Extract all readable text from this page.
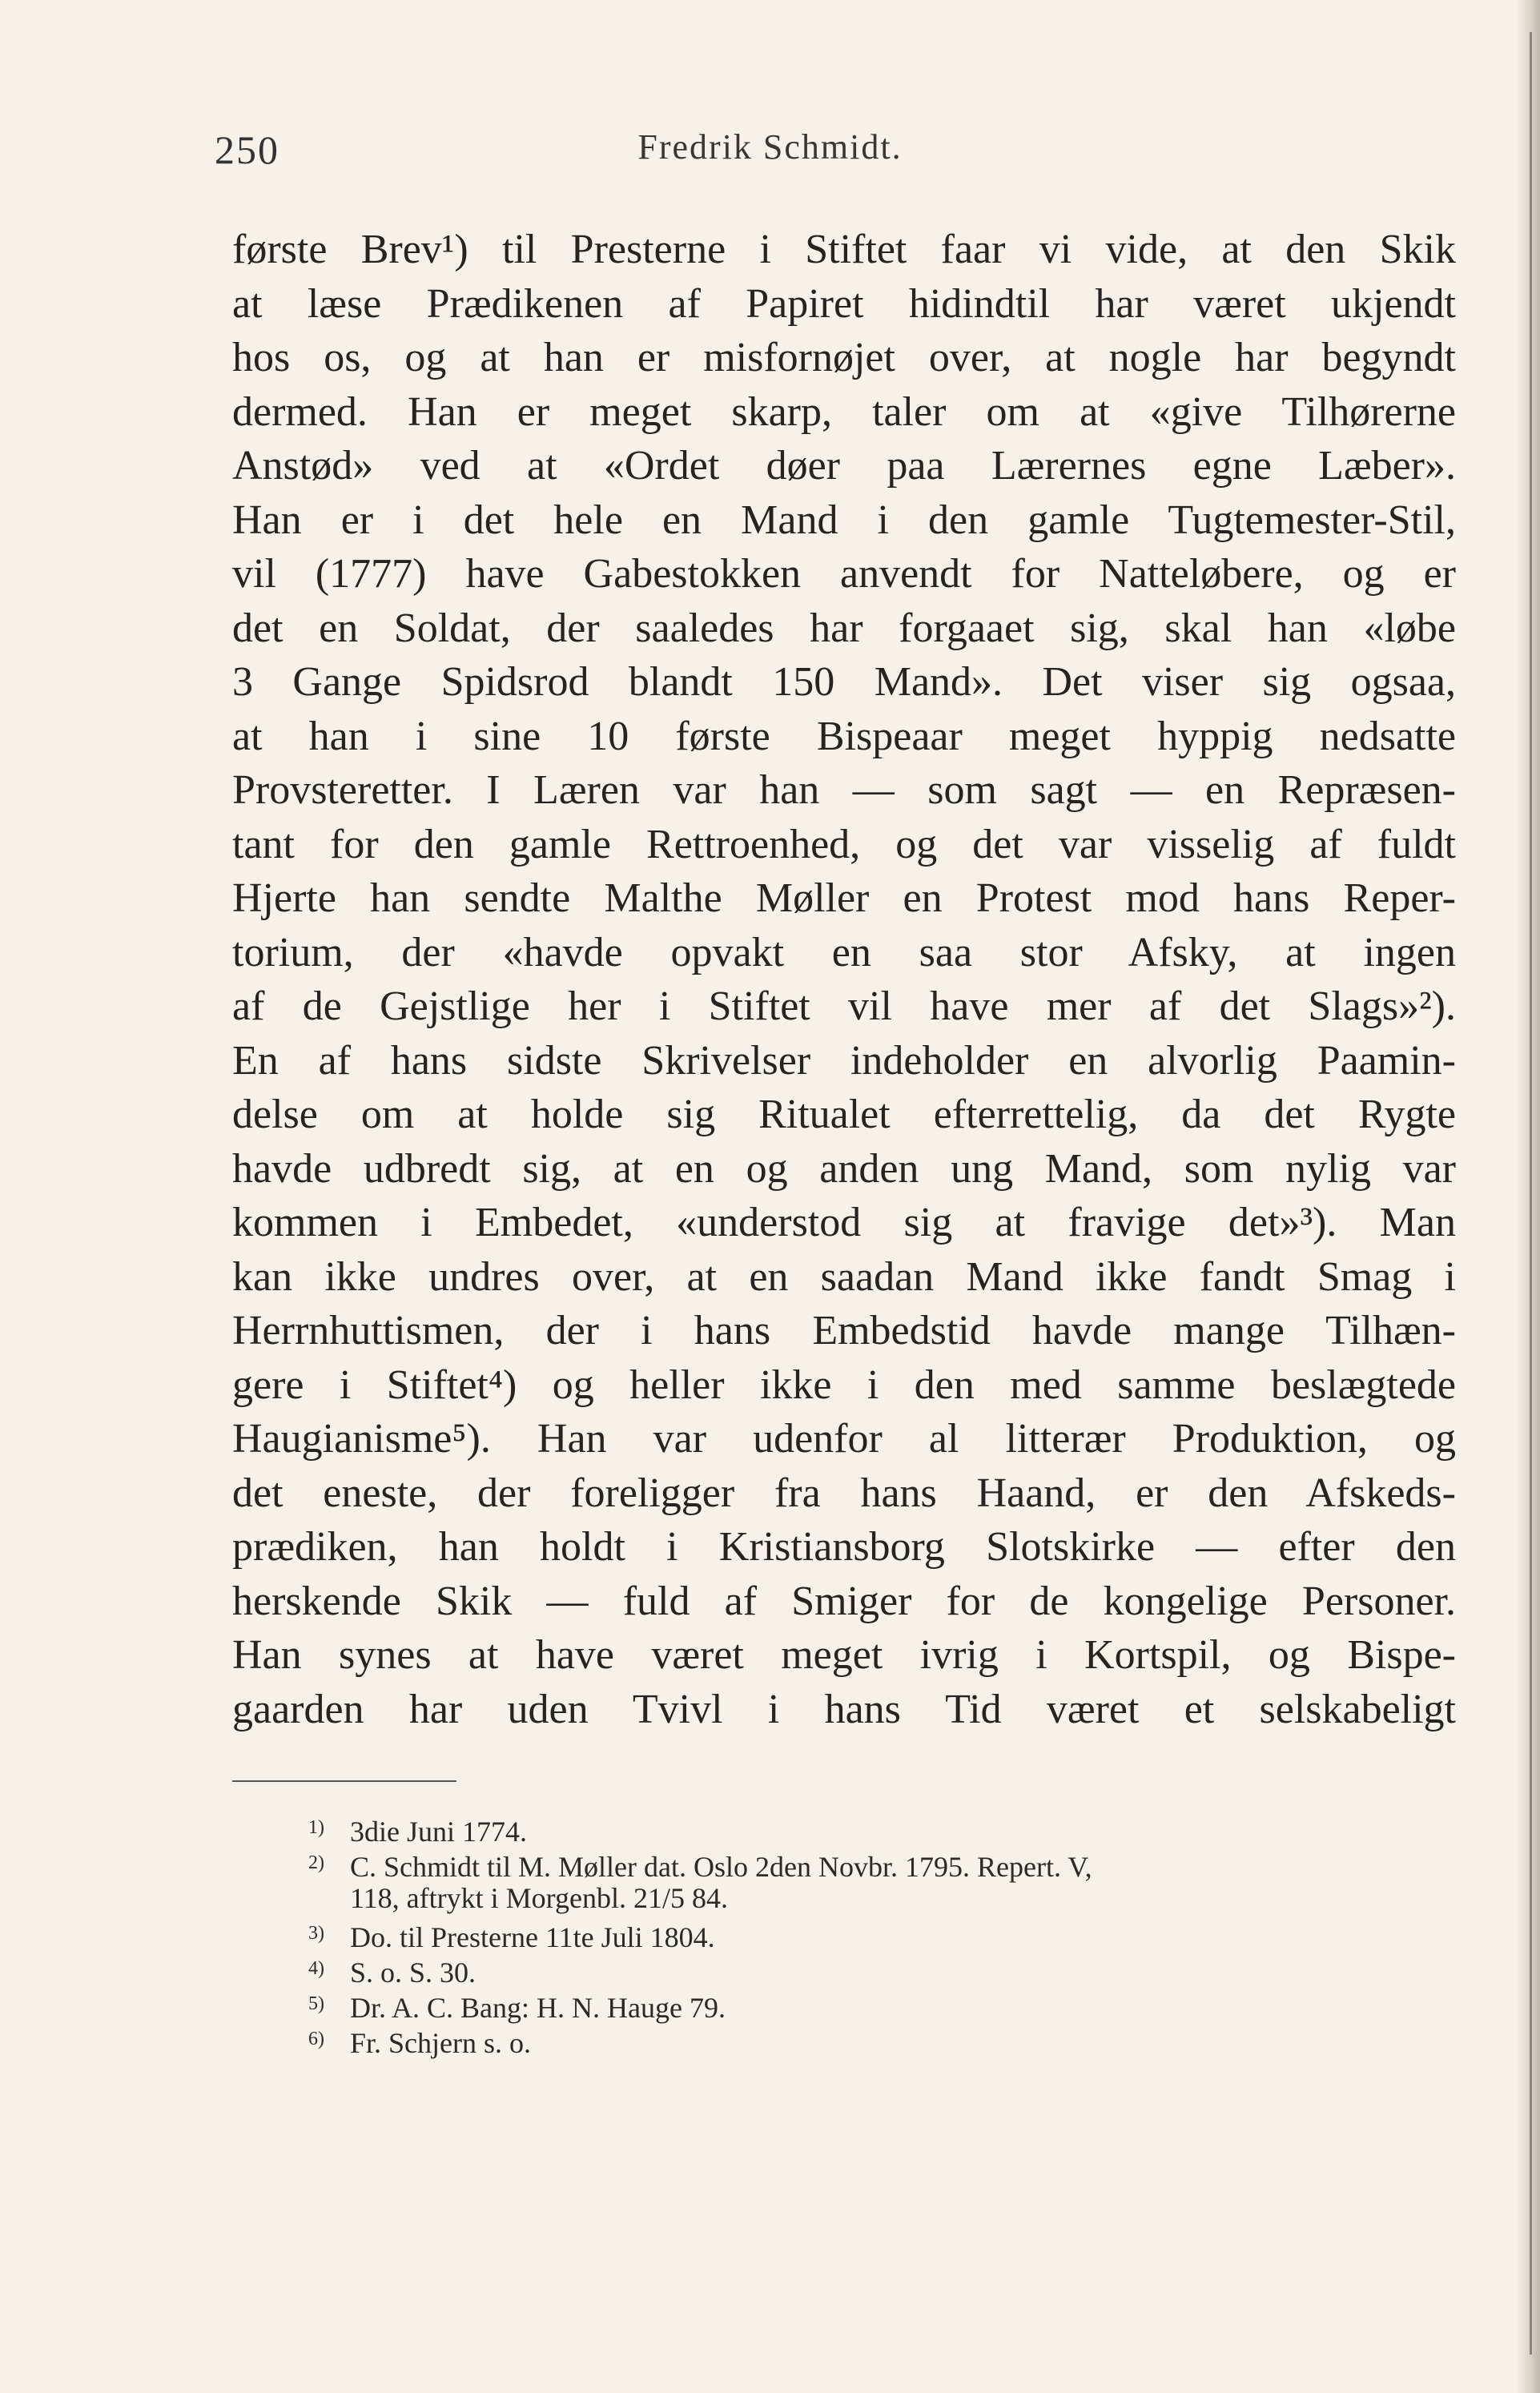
250	Fredrik Schmidt.
første Brev¹) til Presterne i Stiftet faar vi vide, at den Skik
at læse Prædikenen af Papiret hidindtil har været ukjendt
hos os, og at han er misfornøjet over, at nogle har begyndt
dermed. Han er meget skarp, taler om at «give Tilhørerne
Anstød» ved at «Ordet døer paa Lærernes egne Læber».
Han er i det hele en Mand i den gamle Tugtemester-Stil,
vil (1777) have Gabestokken anvendt for Natteløbere, og er
det en Soldat, der saaledes har forgaaet sig, skal han «løbe
3 Gange Spidsrod blandt 150 Mand». Det viser sig ogsaa,
at han i sine 10 første Bispeaar meget hyppig nedsatte
Provsteretter. I Læren var han — som sagt — en Repræsen-
tant for den gamle Rettroenhed, og det var visselig af fuldt
Hjerte han sendte Malthe Møller en Protest mod hans Reper-
torium, der «havde opvakt en saa stor Afsky, at ingen
af de Gejstlige her i Stiftet vil have mer af det Slags»²).
En af hans sidste Skrivelser indeholder en alvorlig Paamin-
delse om at holde sig Ritualet efterrettelig, da det Rygte
havde udbredt sig, at en og anden ung Mand, som nylig var
kommen i Embedet, «understod sig at fravige det»³). Man
kan ikke undres over, at en saadan Mand ikke fandt Smag i
Herrnhuttismen, der i hans Embedstid havde mange Tilhæn-
gere i Stiftet⁴) og heller ikke i den med samme beslægtede
Haugianisme⁵). Han var udenfor al litterær Produktion, og
det eneste, der foreligger fra hans Haand, er den Afskeds-
prædiken, han holdt i Kristiansborg Slotskirke — efter den
herskende Skik — fuld af Smiger for de kongelige Personer.
Han synes at have været meget ivrig i Kortspil, og Bispe-
gaarden har uden Tvivl i hans Tid været et selskabeligt
1) 3die Juni 1774.
2) C. Schmidt til M. Møller dat. Oslo 2den Novbr. 1795. Repert. V,
118, aftrykt i Morgenbl. 21/5 84.
3) Do. til Presterne 11te Juli 1804.
4) S. o. S. 30.
5) Dr. A. C. Bang: H. N. Hauge 79.
6) Fr. Schjern s. o.
